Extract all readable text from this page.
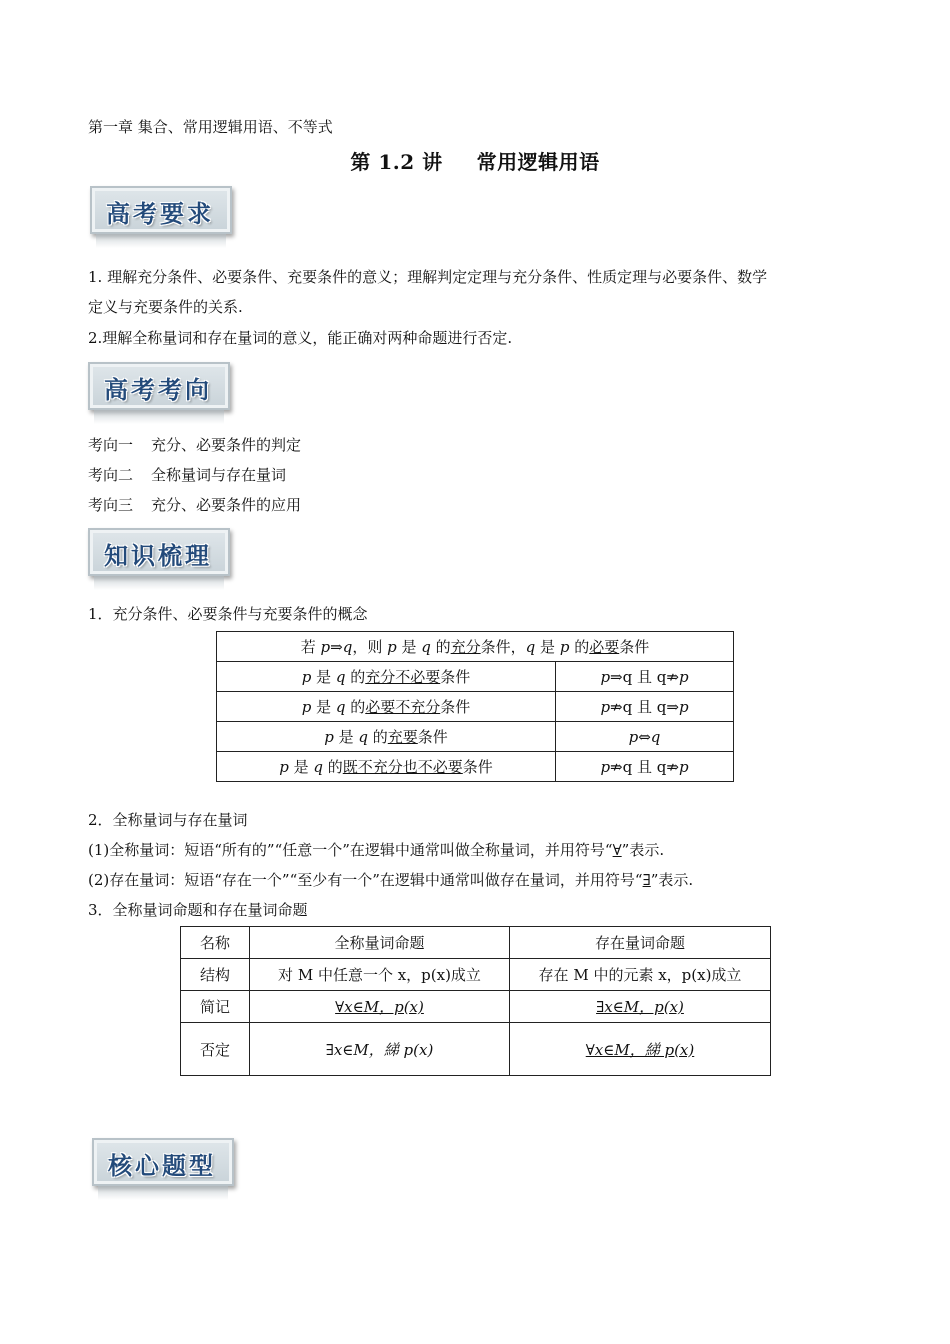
第一章 集合、常用逻辑用语、不等式
第 1.2 讲 常用逻辑用语
高考要求
1. 理解充分条件、必要条件、充要条件的意义；理解判定定理与充分条件、性质定理与必要条件、数学
定义与充要条件的关系.
2.理解全称量词和存在量词的意义，能正确对两种命题进行否定.
高考考向
考向一 充分、必要条件的判定
考向二 全称量词与存在量词
考向三 充分、必要条件的应用
知识梳理
1．充分条件、必要条件与充要条件的概念
若 p⇒q，则 p 是 q 的充分条件，q 是 p 的必要条件	
p 是 q 的充分不必要条件	p⇒q 且 q⇏p
p 是 q 的必要不充分条件	p⇏q 且 q⇒p
p 是 q 的充要条件	p⇔q
p 是 q 的既不充分也不必要条件	p⇏q 且 q⇏p
2．全称量词与存在量词
(1)全称量词：短语“所有的”“任意一个”在逻辑中通常叫做全称量词，并用符号“∀”表示.
(2)存在量词：短语“存在一个”“至少有一个”在逻辑中通常叫做存在量词，并用符号“∃”表示.
3．全称量词命题和存在量词命题
名称	全称量词命题	存在量词命题
结构	对 M 中任意一个 x，p(x)成立	存在 M 中的元素 x，p(x)成立
简记	∀x∈M，p(x)	∃x∈M，p(x)
否定	∃x∈M，綈 p(x)	∀x∈M，綈 p(x)
核心题型
